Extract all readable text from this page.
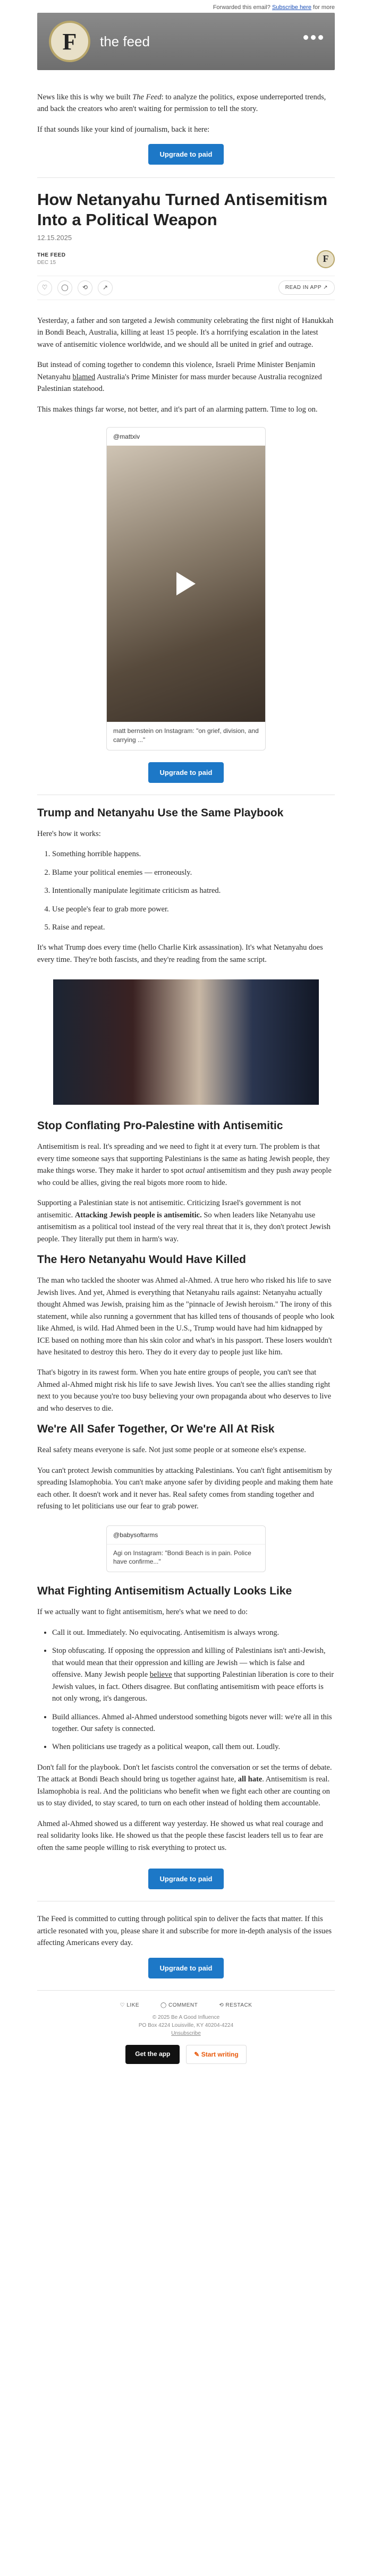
Forwarded this email? Subscribe here for more
F the feed

News like this is why we built The Feed: to analyze the politics, expose underreported trends, and back the creators who aren't waiting for permission to tell the story.

If that sounds like your kind of journalism, back it here:

Upgrade to paid
How Netanyahu Turned Antisemitism Into a Political Weapon
12.15.2025
THE FEED
DEC 15	F
♡	◯	⟲	↗	READ IN APP ↗

Yesterday, a father and son targeted a Jewish community celebrating the first night of Hanukkah in Bondi Beach, Australia, killing at least 15 people. It's a horrifying escalation in the latest wave of antisemitic violence worldwide, and we should all be united in grief and outrage.

But instead of coming together to condemn this violence, Israeli Prime Minister Benjamin Netanyahu blamed Australia's Prime Minister for mass murder because Australia recognized Palestinian statehood.

This makes things far worse, not better, and it's part of an alarming pattern. Time to log on.

@mattxiv
matt bernstein on Instagram: "on grief, division, and carrying ..."
Upgrade to paid
Trump and Netanyahu Use the Same Playbook

Here's how it works:

1. Something horrible happens.
2. Blame your political enemies — erroneously.
3. Intentionally manipulate legitimate criticism as hatred.
4. Use people's fear to grab more power.
5. Raise and repeat.

It's what Trump does every time (hello Charlie Kirk assassination). It's what Netanyahu does every time. They're both fascists, and they're reading from the same script.

Stop Conflating Pro-Palestine with Antisemitic

Antisemitism is real. It's spreading and we need to fight it at every turn. The problem is that every time someone says that supporting Palestinians is the same as hating Jewish people, they make things worse. They make it harder to spot actual antisemitism and they push away people who could be allies, giving the real bigots more room to hide.

Supporting a Palestinian state is not antisemitic. Criticizing Israel's government is not antisemitic. Attacking Jewish people is antisemitic. So when leaders like Netanyahu use antisemitism as a political tool instead of the very real threat that it is, they don't protect Jewish people. They literally put them in harm's way.

The Hero Netanyahu Would Have Killed

The man who tackled the shooter was Ahmed al-Ahmed. A true hero who risked his life to save Jewish lives. And yet, Ahmed is everything that Netanyahu rails against: Netanyahu actually thought Ahmed was Jewish, praising him as the "pinnacle of Jewish heroism." The irony of this statement, while also running a government that has killed tens of thousands of people who look like Ahmed, is wild. Had Ahmed been in the U.S., Trump would have had him kidnapped by ICE based on nothing more than his skin color and what's in his passport. These losers wouldn't have hesitated to destroy this hero. They do it every day to people just like him.

That's bigotry in its rawest form. When you hate entire groups of people, you can't see that Ahmed al-Ahmed might risk his life to save Jewish lives. You can't see the allies standing right next to you because you're too busy believing your own propaganda about who deserves to live and who deserves to die.

We're All Safer Together, Or We're All At Risk

Real safety means everyone is safe. Not just some people or at someone else's expense.

You can't protect Jewish communities by attacking Palestinians. You can't fight antisemitism by spreading Islamophobia. You can't make anyone safer by dividing people and making them hate each other. It doesn't work and it never has. Real safety comes from standing together and refusing to let politicians use our fear to grab power.

@babysoftarms
Agi on Instagram: "Bondi Beach is in pain. Police have confirme..."
What Fighting Antisemitism Actually Looks Like

If we actually want to fight antisemitism, here's what we need to do:

• Call it out. Immediately. No equivocating. Antisemitism is always wrong.
• Stop obfuscating. If opposing the oppression and killing of Palestinians isn't anti-Jewish, that would mean that their oppression and killing are Jewish — which is false and offensive. Many Jewish people believe that supporting Palestinian liberation is core to their Jewish values, in fact. Others disagree. But conflating antisemitism with peace efforts is not only wrong, it's dangerous.
• Build alliances. Ahmed al-Ahmed understood something bigots never will: we're all in this together. Our safety is connected.
• When politicians use tragedy as a political weapon, call them out. Loudly.

Don't fall for the playbook. Don't let fascists control the conversation or set the terms of debate. The attack at Bondi Beach should bring us together against hate, all hate. Antisemitism is real. Islamophobia is real. And the politicians who benefit when we fight each other are counting on us to stay divided, to stay scared, to turn on each other instead of holding them accountable.

Ahmed al-Ahmed showed us a different way yesterday. He showed us what real courage and real solidarity looks like. He showed us that the people these fascist leaders tell us to fear are often the same people willing to risk everything to protect us.

Upgrade to paid

The Feed is committed to cutting through political spin to deliver the facts that matter. If this article resonated with you, please share it and subscribe for more in-depth analysis of the issues affecting Americans every day.

Upgrade to paid
♡ LIKE	◯ COMMENT	⟲ RESTACK
© 2025 Be A Good Influence
PO Box 4224 Louisville, KY 40204-4224
Unsubscribe
Get the app	✎ Start writing
